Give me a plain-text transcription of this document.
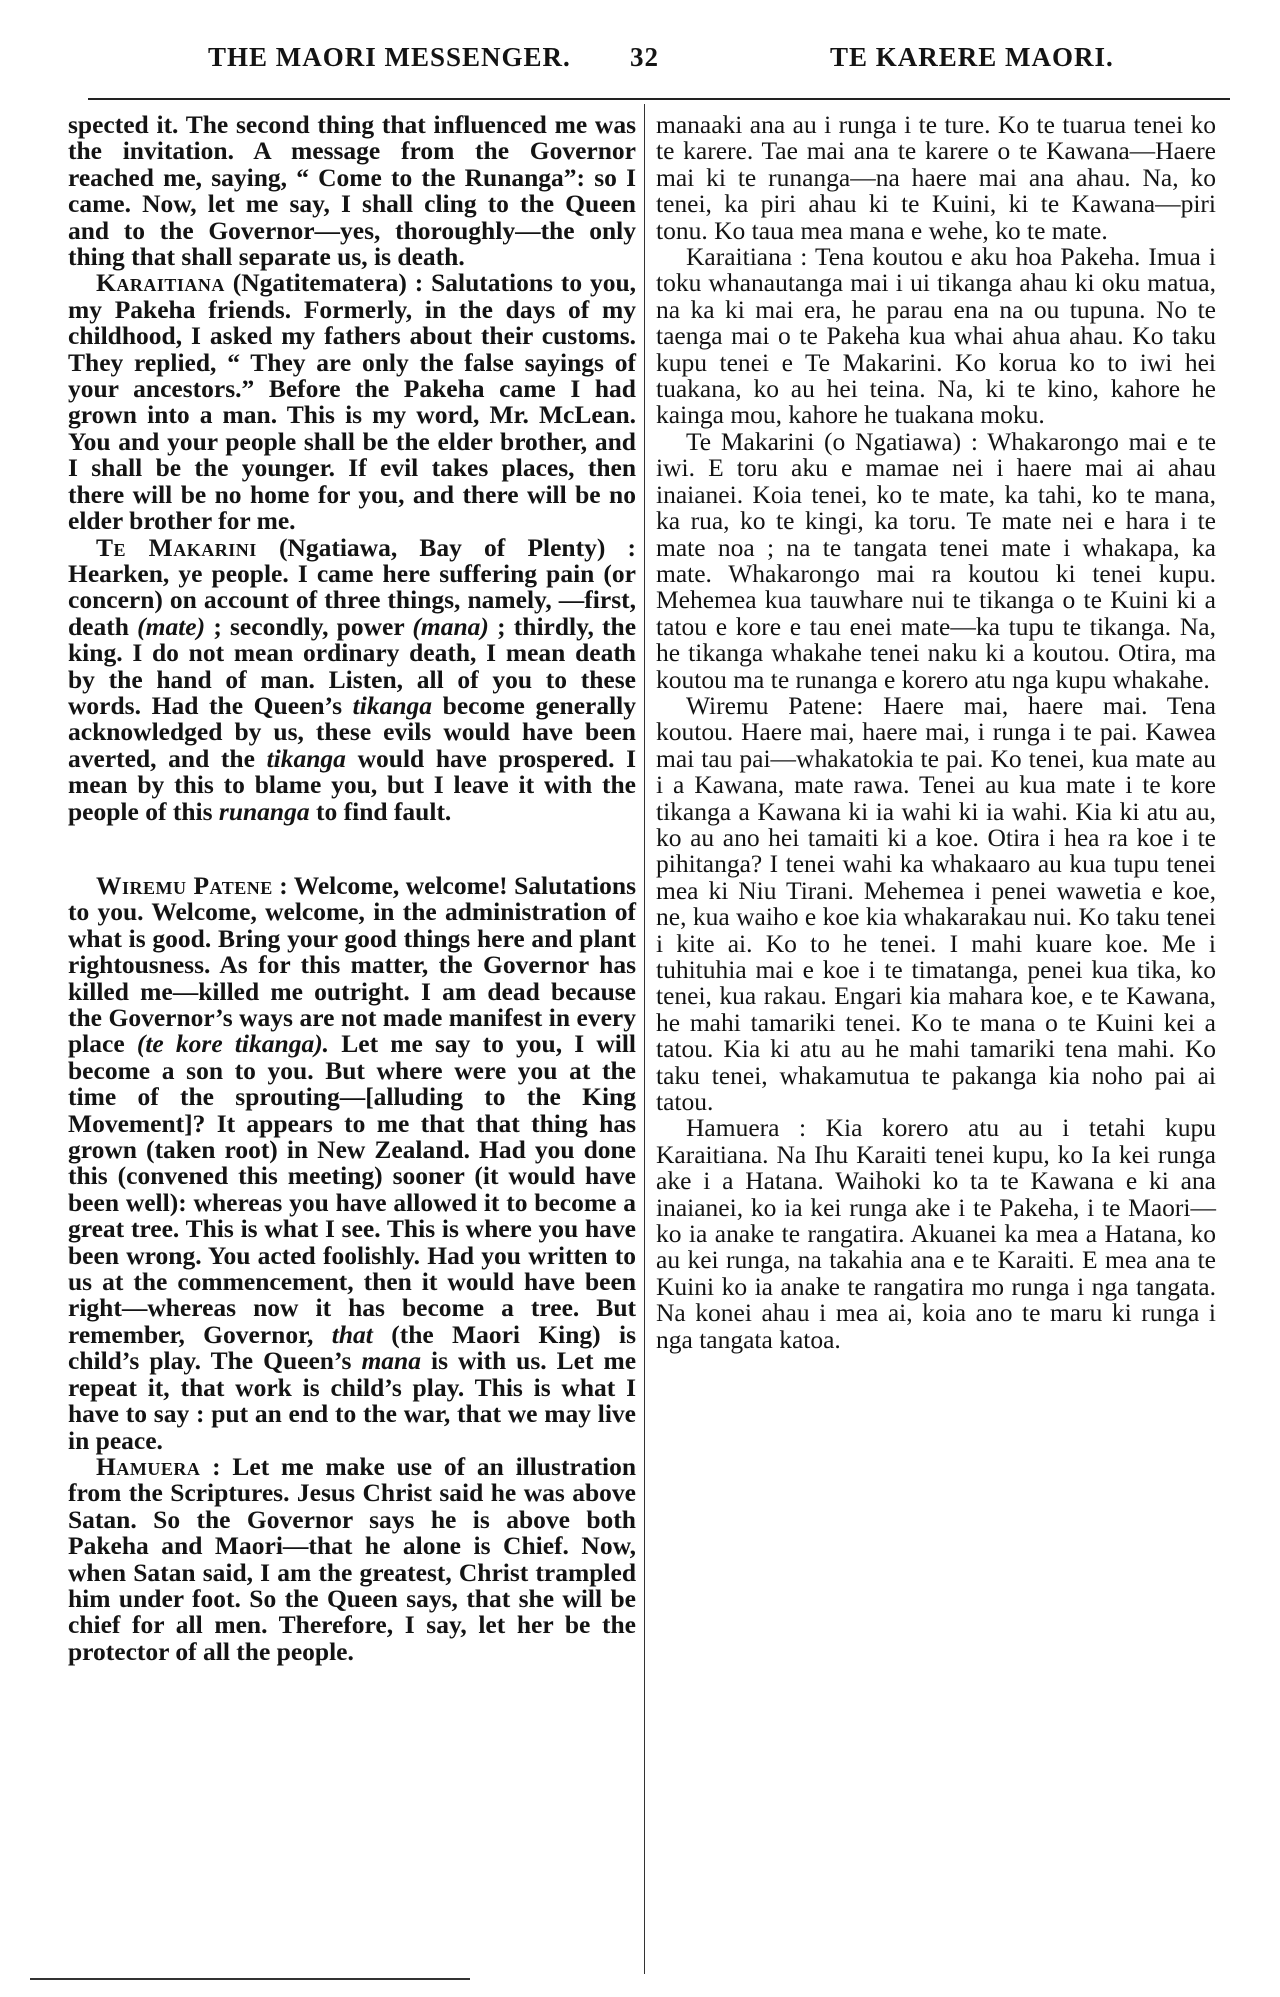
THE MAORI MESSENGER. 32	TE KARERE MAORI.

spected it. The second thing that influenced me was the invitation. A message from the Governor reached me, saying, “ Come to the Runanga”: so I came. Now, let me say, I shall cling to the Queen and to the Governor—yes, thoroughly—the only thing that shall separate us, is death.

Karaitiana (Ngatitematera) : Salutations to you, my Pakeha friends. Formerly, in the days of my childhood, I asked my fathers about their customs. They replied, “ They are only the false sayings of your ancestors.” Before the Pakeha came I had grown into a man. This is my word, Mr. McLean. You and your people shall be the elder brother, and I shall be the younger. If evil takes places, then there will be no home for you, and there will be no elder brother for me.

Te Makarini (Ngatiawa, Bay of Plenty) : Hearken, ye people. I came here suffering pain (or concern) on account of three things, namely, —first, death (mate) ; secondly, power (mana) ; thirdly, the king. I do not mean ordinary death, I mean death by the hand of man. Listen, all of you to these words. Had the Queen’s tikanga become generally acknowledged by us, these evils would have been averted, and the tikanga would have prospered. I mean by this to blame you, but I leave it with the people of this runanga to find fault.

Wiremu Patene : Welcome, welcome! Salutations to you. Welcome, welcome, in the administration of what is good. Bring your good things here and plant rightousness. As for this matter, the Governor has killed me—killed me outright. I am dead because the Governor’s ways are not made manifest in every place (te kore tikanga). Let me say to you, I will become a son to you. But where were you at the time of the sprouting—[alluding to the King Movement]? It appears to me that that thing has grown (taken root) in New Zealand. Had you done this (convened this meeting) sooner (it would have been well): whereas you have allowed it to become a great tree. This is what I see. This is where you have been wrong. You acted foolishly. Had you written to us at the commencement, then it would have been right—whereas now it has become a tree. But remember, Governor, that (the Maori King) is child’s play. The Queen’s mana is with us. Let me repeat it, that work is child’s play. This is what I have to say : put an end to the war, that we may live in peace.

Hamuera : Let me make use of an illustration from the Scriptures. Jesus Christ said he was above Satan. So the Governor says he is above both Pakeha and Maori—that he alone is Chief. Now, when Satan said, I am the greatest, Christ trampled him under foot. So the Queen says, that she will be chief for all men. Therefore, I say, let her be the protector of all the people.

manaaki ana au i runga i te ture. Ko te tuarua tenei ko te karere. Tae mai ana te karere o te Kawana—Haere mai ki te runanga—na haere mai ana ahau. Na, ko tenei, ka piri ahau ki te Kuini, ki te Kawana—piri tonu. Ko taua mea mana e wehe, ko te mate.

Karaitiana : Tena koutou e aku hoa Pakeha. Imua i toku whanautanga mai i ui tikanga ahau ki oku matua, na ka ki mai era, he parau ena na ou tupuna. No te taenga mai o te Pakeha kua whai ahua ahau. Ko taku kupu tenei e Te Makarini. Ko korua ko to iwi hei tuakana, ko au hei teina. Na, ki te kino, kahore he kainga mou, kahore he tuakana moku.

Te Makarini (o Ngatiawa) : Whakarongo mai e te iwi. E toru aku e mamae nei i haere mai ai ahau inaianei. Koia tenei, ko te mate, ka tahi, ko te mana, ka rua, ko te kingi, ka toru. Te mate nei e hara i te mate noa ; na te tangata tenei mate i whakapa, ka mate. Whakarongo mai ra koutou ki tenei kupu. Mehemea kua tauwhare nui te tikanga o te Kuini ki a tatou e kore e tau enei mate—ka tupu te tikanga. Na, he tikanga whakahe tenei naku ki a koutou. Otira, ma koutou ma te runanga e korero atu nga kupu whakahe.

Wiremu Patene: Haere mai, haere mai. Tena koutou. Haere mai, haere mai, i runga i te pai. Kawea mai tau pai—whakatokia te pai. Ko tenei, kua mate au i a Kawana, mate rawa. Tenei au kua mate i te kore tikanga a Kawana ki ia wahi ki ia wahi. Kia ki atu au, ko au ano hei tamaiti ki a koe. Otira i hea ra koe i te pihitanga? I tenei wahi ka whakaaro au kua tupu tenei mea ki Niu Tirani. Mehemea i penei wawetia e koe, ne, kua waiho e koe kia whakarakau nui. Ko taku tenei i kite ai. Ko to he tenei. I mahi kuare koe. Me i tuhituhia mai e koe i te timatanga, penei kua tika, ko tenei, kua rakau. Engari kia mahara koe, e te Kawana, he mahi tamariki tenei. Ko te mana o te Kuini kei a tatou. Kia ki atu au he mahi tamariki tena mahi. Ko taku tenei, whakamutua te pakanga kia noho pai ai tatou.

Hamuera : Kia korero atu au i tetahi kupu Karaitiana. Na Ihu Karaiti tenei kupu, ko Ia kei runga ake i a Hatana. Waihoki ko ta te Kawana e ki ana inaianei, ko ia kei runga ake i te Pakeha, i te Maori—ko ia anake te rangatira. Akuanei ka mea a Hatana, ko au kei runga, na takahia ana e te Karaiti. E mea ana te Kuini ko ia anake te rangatira mo runga i nga tangata. Na konei ahau i mea ai, koia ano te maru ki runga i nga tangata katoa.
